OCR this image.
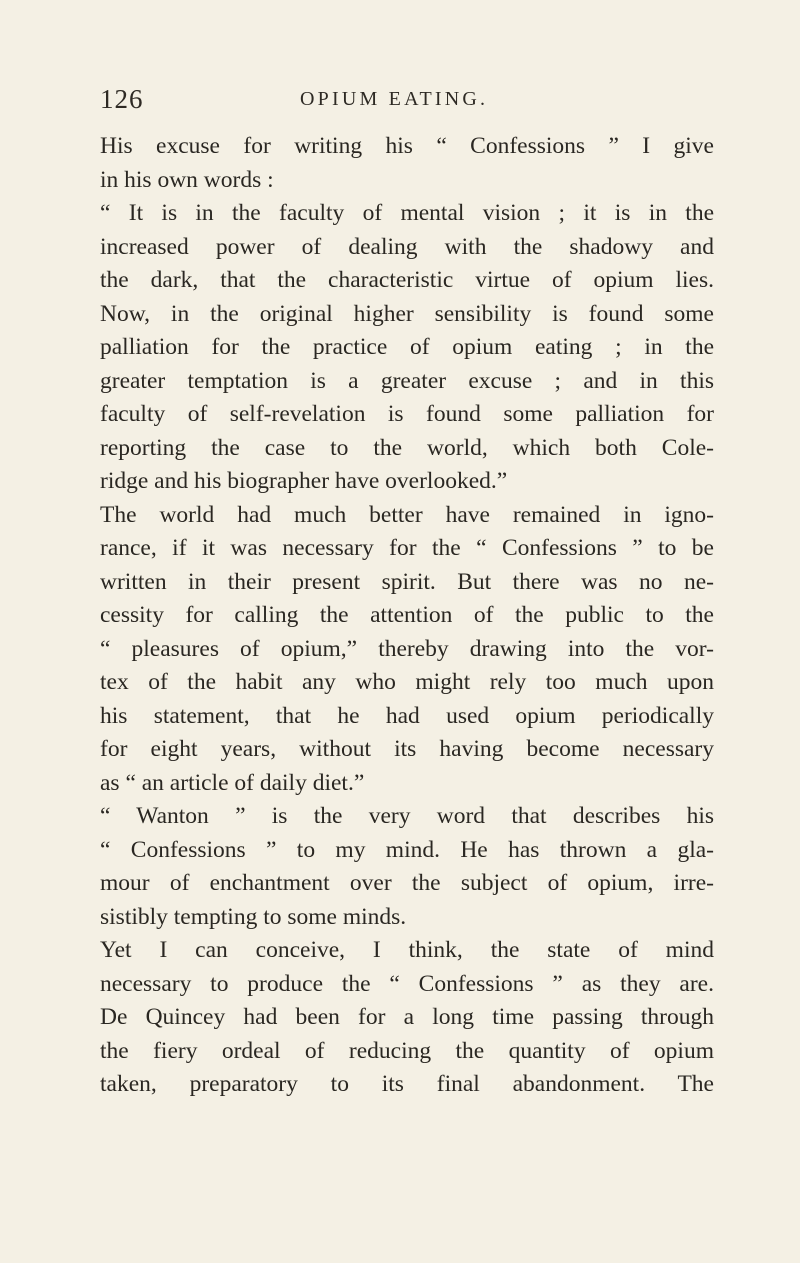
126	OPIUM EATING.
His excuse for writing his “ Confessions ” I give
in his own words :
“ It is in the faculty of mental vision ; it is in the
increased power of dealing with the shadowy and
the dark, that the characteristic virtue of opium lies.
Now, in the original higher sensibility is found some
palliation for the practice of opium eating ; in the
greater temptation is a greater excuse ; and in this
faculty of self-revelation is found some palliation for
reporting the case to the world, which both Cole-
ridge and his biographer have overlooked.”
The world had much better have remained in igno-
rance, if it was necessary for the “ Confessions ” to be
written in their present spirit. But there was no ne-
cessity for calling the attention of the public to the
“ pleasures of opium,” thereby drawing into the vor-
tex of the habit any who might rely too much upon
his statement, that he had used opium periodically
for eight years, without its having become necessary
as “ an article of daily diet.”
“ Wanton ” is the very word that describes his
“ Confessions ” to my mind. He has thrown a gla-
mour of enchantment over the subject of opium, irre-
sistibly tempting to some minds.
Yet I can conceive, I think, the state of mind
necessary to produce the “ Confessions ” as they are.
De Quincey had been for a long time passing through
the fiery ordeal of reducing the quantity of opium
taken, preparatory to its final abandonment. The
